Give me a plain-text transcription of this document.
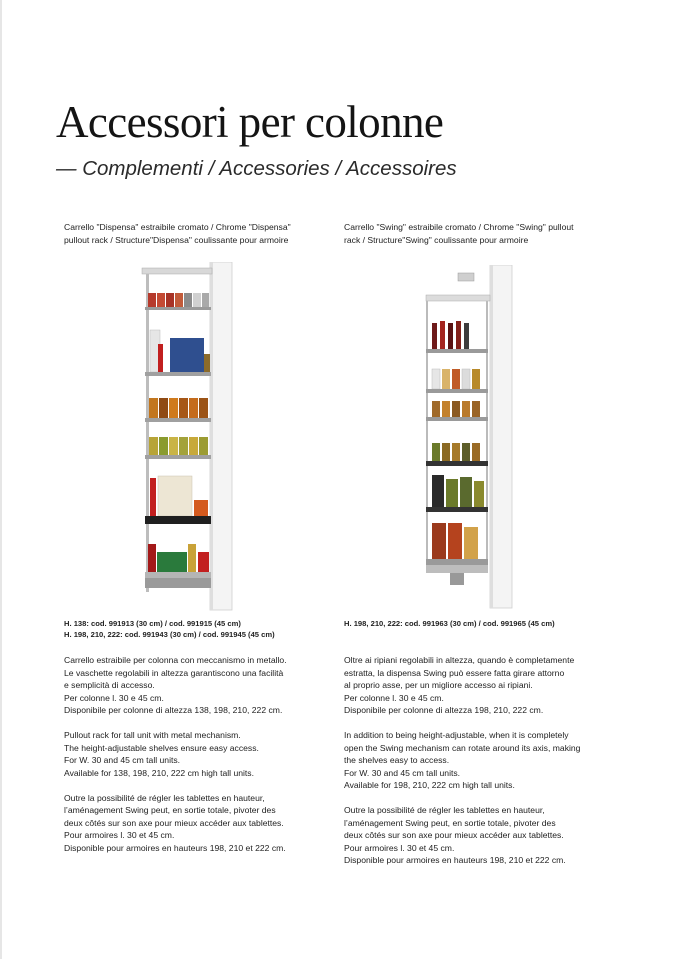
Accessori per colonne
— Complementi / Accessories / Accessoires
Carrello "Dispensa" estraibile cromato / Chrome "Dispensa"
pullout rack / Structure"Dispensa" coulissante pour armoire
H. 138: cod. 991913 (30 cm) / cod. 991915 (45 cm)
H. 198, 210, 222: cod. 991943 (30 cm) / cod. 991945 (45 cm)

Carrello estraibile per colonna con meccanismo in metallo.
Le vaschette regolabili in altezza garantiscono una facilità
e semplicità di accesso.
Per colonne l. 30 e 45 cm.
Disponibile per colonne di altezza 138, 198, 210, 222 cm.

Pullout rack for tall unit with metal mechanism.
The height-adjustable shelves ensure easy access.
For W. 30 and 45 cm tall units.
Available for 138, 198, 210, 222 cm high tall units.

Outre la possibilité de régler les tablettes en hauteur,
l’aménagement Swing peut, en sortie totale, pivoter des
deux côtés sur son axe pour mieux accéder aux tablettes.
Pour armoires l. 30 et 45 cm.
Disponible pour armoires en hauteurs 198, 210 et 222 cm.

Carrello "Swing" estraibile cromato / Chrome "Swing" pullout
rack / Structure"Swing" coulissante pour armoire
H. 198, 210, 222: cod. 991963 (30 cm) / cod. 991965 (45 cm)

Oltre ai ripiani regolabili in altezza, quando è completamente
estratta, la dispensa Swing può essere fatta girare attorno
al proprio asse, per un migliore accesso ai ripiani.
Per colonne l. 30 e 45 cm.
Disponibile per colonne di altezza 198, 210, 222 cm.

In addition to being height-adjustable, when it is completely
open the Swing mechanism can rotate around its axis, making
the shelves easy to access.
For W. 30 and 45 cm tall units.
Available for 198, 210, 222 cm high tall units.

Outre la possibilité de régler les tablettes en hauteur,
l’aménagement Swing peut, en sortie totale, pivoter des
deux côtés sur son axe pour mieux accéder aux tablettes.
Pour armoires l. 30 et 45 cm.
Disponible pour armoires en hauteurs 198, 210 et 222 cm.
